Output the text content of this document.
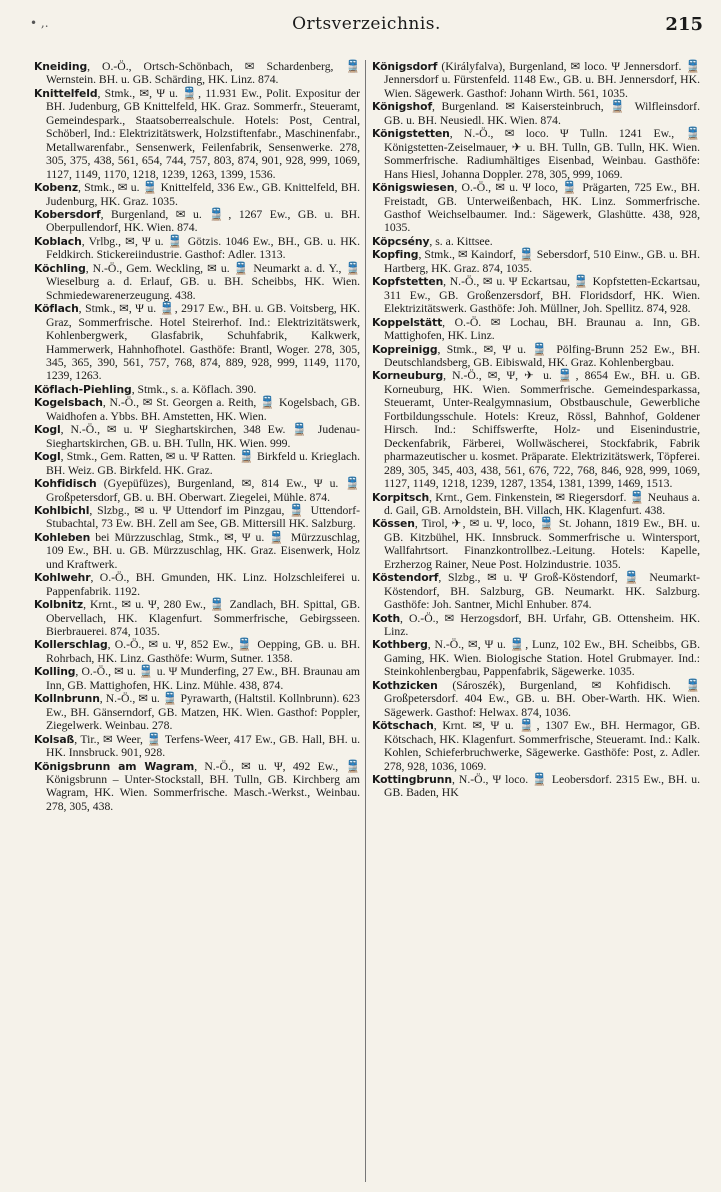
• ,.	Ortsverzeichnis.	215

Kneiding, O.-Ö., Ortsch-Schönbach, ✉ Schardenberg, 🚆 Wernstein. BH. u. GB. Schärding, HK. Linz. 874.

Knittelfeld, Stmk., ✉, Ψ u. 🚆, 11.931 Ew., Polit. Expositur der BH. Judenburg, GB Knittelfeld, HK. Graz. Sommerfr., Steueramt, Gemeindespark., Staatsoberrealschule. Hotels: Post, Central, Schöberl, Ind.: Elektrizitätswerk, Holzstiftenfabr., Maschinenfabr., Metallwarenfabr., Sensenwerk, Feilenfabrik, Sensenwerke. 278, 305, 375, 438, 561, 654, 744, 757, 803, 874, 901, 928, 999, 1069, 1127, 1149, 1170, 1218, 1239, 1263, 1399, 1536.

Kobenz, Stmk., ✉ u. 🚆 Knittelfeld, 336 Ew., GB. Knittelfeld, BH. Judenburg, HK. Graz. 1035.

Kobersdorf, Burgenland, ✉ u. 🚆, 1267 Ew., GB. u. BH. Oberpullendorf, HK. Wien. 874.

Koblach, Vrlbg., ✉, Ψ u. 🚆 Götzis. 1046 Ew., BH., GB. u. HK. Feldkirch. Stickereiindustrie. Gasthof: Adler. 1313.

Köchling, N.-Ö., Gem. Weckling, ✉ u. 🚆 Neumarkt a. d. Y., 🚆 Wieselburg a. d. Erlauf, GB. u. BH. Scheibbs, HK. Wien. Schmiedewarenerzeugung. 438.

Köflach, Stmk., ✉, Ψ u. 🚆, 2917 Ew., BH. u. GB. Voitsberg, HK. Graz, Sommerfrische. Hotel Steirerhof. Ind.: Elektrizitätswerk, Kohlenbergwerk, Glasfabrik, Schuhfabrik, Kalkwerk, Hammerwerk, Hahnhofhotel. Gasthöfe: Brantl, Woger. 278, 305, 345, 365, 390, 561, 757, 768, 874, 889, 928, 999, 1149, 1170, 1239, 1263.

Köflach-Piehling, Stmk., s. a. Köflach. 390.

Kogelsbach, N.-Ö., ✉ St. Georgen a. Reith, 🚆 Kogelsbach, GB. Waidhofen a. Ybbs. BH. Amstetten, HK. Wien.

Kogl, N.-Ö., ✉ u. Ψ Sieghartskirchen, 348 Ew. 🚆 Judenau-Sieghartskirchen, GB. u. BH. Tulln, HK. Wien. 999.

Kogl, Stmk., Gem. Ratten, ✉ u. Ψ Ratten. 🚆 Birkfeld u. Krieglach. BH. Weiz. GB. Birkfeld. HK. Graz.

Kohfidisch (Gyepüfüzes), Burgenland, ✉, 814 Ew., Ψ u. 🚆 Großpetersdorf, GB. u. BH. Oberwart. Ziegelei, Mühle. 874.

Kohlbichl, Slzbg., ✉ u. Ψ Uttendorf im Pinzgau, 🚆 Uttendorf-Stubachtal, 73 Ew. BH. Zell am See, GB. Mittersill HK. Salzburg.

Kohleben bei Mürzzuschlag, Stmk., ✉, Ψ u. 🚆 Mürzzuschlag, 109 Ew., BH. u. GB. Mürzzuschlag, HK. Graz. Eisenwerk, Holz und Kraftwerk.

Kohlwehr, O.-Ö., BH. Gmunden, HK. Linz. Holzschleiferei u. Pappenfabrik. 1192.

Kolbnitz, Krnt., ✉ u. Ψ, 280 Ew., 🚆 Zandlach, BH. Spittal, GB. Obervellach, HK. Klagenfurt. Sommerfrische, Gebirgsseen. Bierbrauerei. 874, 1035.

Kollerschlag, O.-Ö., ✉ u. Ψ, 852 Ew., 🚆 Oepping, GB. u. BH. Rohrbach, HK. Linz. Gasthöfe: Wurm, Sutner. 1358.

Kolling, O.-Ö., ✉ u. 🚆 u. Ψ Munderfing, 27 Ew., BH. Braunau am Inn, GB. Mattighofen, HK. Linz. Mühle. 438, 874.

Kollnbrunn, N.-Ö., ✉ u. 🚆 Pyrawarth, (Haltstil. Kollnbrunn). 623 Ew., BH. Gänserndorf, GB. Matzen, HK. Wien. Gasthof: Poppler, Ziegelwerk. Weinbau. 278.

Kolsaß, Tir., ✉ Weer, 🚆 Terfens-Weer, 417 Ew., GB. Hall, BH. u. HK. Innsbruck. 901, 928.

Königsbrunn am Wagram, N.-Ö., ✉ u. Ψ, 492 Ew., 🚆 Königsbrunn – Unter-Stockstall, BH. Tulln, GB. Kirchberg am Wagram, HK. Wien. Sommerfrische. Masch.-Werkst., Weinbau. 278, 305, 438.

Königsdorf (Királyfalva), Burgenland, ✉ loco. Ψ Jennersdorf. 🚆 Jennersdorf u. Fürstenfeld. 1148 Ew., GB. u. BH. Jennersdorf, HK. Wien. Sägewerk. Gasthof: Johann Wirth. 561, 1035.

Königshof, Burgenland. ✉ Kaisersteinbruch, 🚆 Wilfleinsdorf. GB. u. BH. Neusiedl. HK. Wien. 874.

Königstetten, N.-Ö., ✉ loco. Ψ Tulln. 1241 Ew., 🚆 Königstetten-Zeiselmauer, ✈ u. BH. Tulln, GB. Tulln, HK. Wien. Sommerfrische. Radiumhältiges Eisenbad, Weinbau. Gasthöfe: Hans Hiesl, Johanna Doppler. 278, 305, 999, 1069.

Königswiesen, O.-Ö., ✉ u. Ψ loco, 🚆 Prägarten, 725 Ew., BH. Freistadt, GB. Unterweißenbach, HK. Linz. Sommerfrische. Gasthof Weichselbaumer. Ind.: Sägewerk, Glashütte. 438, 928, 1035.

Köpcsény, s. a. Kittsee.

Kopfing, Stmk., ✉ Kaindorf, 🚆 Sebersdorf, 510 Einw., GB. u. BH. Hartberg, HK. Graz. 874, 1035.

Kopfstetten, N.-Ö., ✉ u. Ψ Eckartsau, 🚆 Kopfstetten-Eckartsau, 311 Ew., GB. Großenzersdorf, BH. Floridsdorf, HK. Wien. Elektrizitätswerk. Gasthöfe: Joh. Müllner, Joh. Spellitz. 874, 928.

Koppelstätt, O.-Ö. ✉ Lochau, BH. Braunau a. Inn, GB. Mattighofen, HK. Linz.

Kopreinigg, Stmk., ✉, Ψ u. 🚆 Pölfing-Brunn 252 Ew., BH. Deutschlandsberg, GB. Eibiswald, HK. Graz. Kohlenbergbau.

Korneuburg, N.-Ö., ✉, Ψ, ✈ u. 🚆, 8654 Ew., BH. u. GB. Korneuburg, HK. Wien. Sommerfrische. Gemeindesparkassa, Steueramt, Unter-Realgymnasium, Obstbauschule, Gewerbliche Fortbildungsschule. Hotels: Kreuz, Rössl, Bahnhof, Goldener Hirsch. Ind.: Schiffswerfte, Holz- und Eisenindustrie, Deckenfabrik, Färberei, Wollwäscherei, Stockfabrik, Fabrik pharmazeutischer u. kosmet. Präparate. Elektrizitätswerk, Töpferei. 289, 305, 345, 403, 438, 561, 676, 722, 768, 846, 928, 999, 1069, 1127, 1149, 1218, 1239, 1287, 1354, 1381, 1399, 1469, 1513.

Korpitsch, Krnt., Gem. Finkenstein, ✉ Riegersdorf. 🚆 Neuhaus a. d. Gail, GB. Arnoldstein, BH. Villach, HK. Klagenfurt. 438.

Kössen, Tirol, ✈, ✉ u. Ψ, loco, 🚆 St. Johann, 1819 Ew., BH. u. GB. Kitzbühel, HK. Innsbruck. Sommerfrische u. Wintersport, Wallfahrtsort. Finanzkontrollbez.-Leitung. Hotels: Kapelle, Erzherzog Rainer, Neue Post. Holzindustrie. 1035.

Köstendorf, Slzbg., ✉ u. Ψ Groß-Köstendorf, 🚆 Neumarkt-Köstendorf, BH. Salzburg, GB. Neumarkt. HK. Salzburg. Gasthöfe: Joh. Santner, Michl Enhuber. 874.

Koth, O.-Ö., ✉ Herzogsdorf, BH. Urfahr, GB. Ottensheim. HK. Linz.

Kothberg, N.-Ö., ✉, Ψ u. 🚆, Lunz, 102 Ew., BH. Scheibbs, GB. Gaming, HK. Wien. Biologische Station. Hotel Grubmayer. Ind.: Steinkohlenbergbau, Pappenfabrik, Sägewerke. 1035.

Kothzicken (Sároszék), Burgenland, ✉ Kohfidisch. 🚆 Großpetersdorf. 404 Ew., GB. u. BH. Ober-Warth. HK. Wien. Sägewerk. Gasthof: Helwax. 874, 1036.

Kötschach, Krnt. ✉, Ψ u. 🚆, 1307 Ew., BH. Hermagor, GB. Kötschach, HK. Klagenfurt. Sommerfrische, Steueramt. Ind.: Kalk. Kohlen, Schieferbruchwerke, Sägewerke. Gasthöfe: Post, z. Adler. 278, 928, 1036, 1069.

Kottingbrunn, N.-Ö., Ψ loco. 🚆 Leobersdorf. 2315 Ew., BH. u. GB. Baden, HK
